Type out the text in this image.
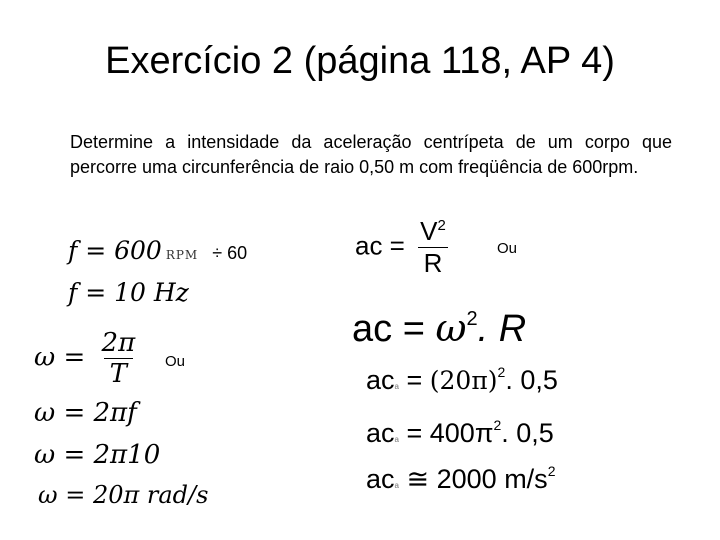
Exercício 2 (página 118, AP 4)
Determine a intensidade da aceleração centrípeta de um corpo que percorre uma circunferência de raio 0,50 m com freqüência de 600rpm.
f = 600 RPM ÷ 60
f = 10 Hz
$\omega = \frac{2\pi}{T}$ Ou
ω = 2πf
ω = 2π10
ω = 20π rad/s
ac = $\frac{V^2}{R}$	Ou
ac = $\omega^2$. R
aca = $(20\pi)^2$. 0,5
aca = $400\pi^2$. 0,5
aca ≅ 2000 $m/s^2$
